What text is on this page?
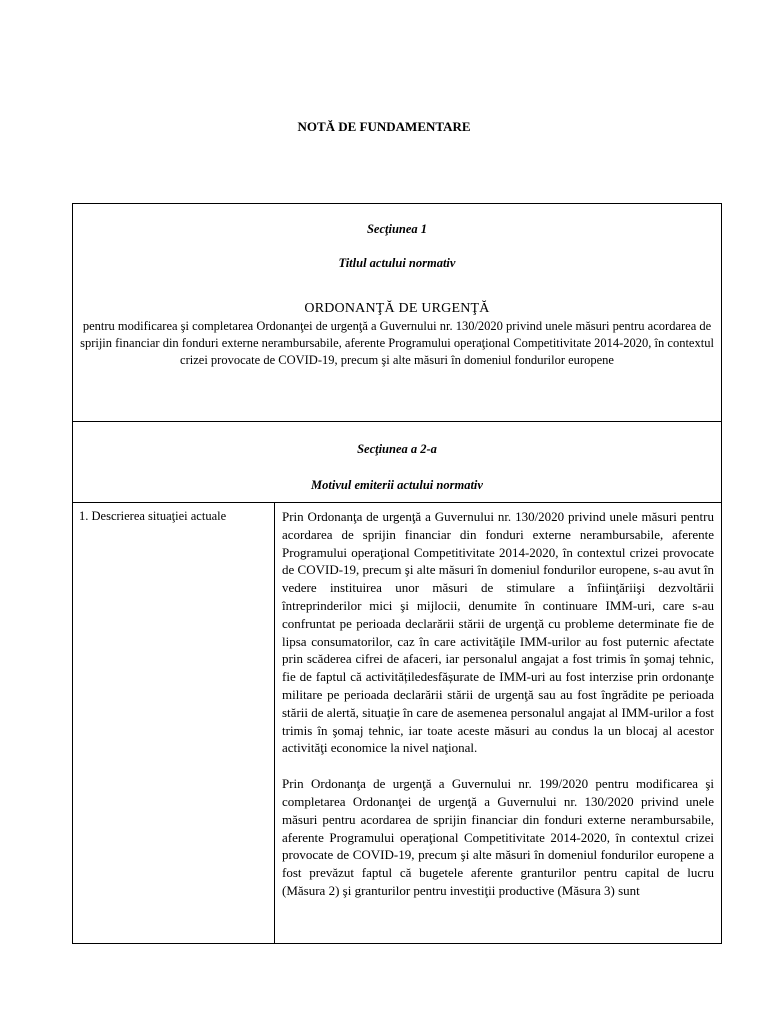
NOTĂ DE FUNDAMENTARE
Secţiunea 1
Titlul actului normativ
ORDONANŢĂ DE URGENŢĂ
pentru modificarea şi completarea Ordonanţei de urgenţă a Guvernului nr. 130/2020 privind unele măsuri pentru acordarea de sprijin financiar din fonduri externe nerambursabile, aferente Programului operaţional Competitivitate 2014-2020, în contextul crizei provocate de COVID-19, precum şi alte măsuri în domeniul fondurilor europene
Secţiunea a 2-a
Motivul emiterii actului normativ
1. Descrierea situaţiei actuale	Prin Ordonanţa de urgenţă a Guvernului nr. 130/2020 privind unele măsuri pentru acordarea de sprijin financiar din fonduri externe nerambursabile, aferente Programului operaţional Competitivitate 2014-2020, în contextul crizei provocate de COVID-19, precum şi alte măsuri în domeniul fondurilor europene, s-au avut în vedere instituirea unor măsuri de stimulare a înfiinţăriişi dezvoltării întreprinderilor mici şi mijlocii, denumite în continuare IMM-uri, care s-au confruntat pe perioada declarării stării de urgenţă cu probleme determinate fie de lipsa consumatorilor, caz în care activităţile IMM-urilor au fost puternic afectate prin scăderea cifrei de afaceri, iar personalul angajat a fost trimis în şomaj tehnic, fie de faptul că activitățiledesfășurate de IMM-uri au fost interzise prin ordonanţe militare pe perioada declarării stării de urgenţă sau au fost îngrădite pe perioada stării de alertă, situaţie în care de asemenea personalul angajat al IMM-urilor a fost trimis în şomaj tehnic, iar toate aceste măsuri au condus la un blocaj al acestor activităţi economice la nivel naţional.

Prin Ordonanţa de urgenţă a Guvernului nr. 199/2020 pentru modificarea şi completarea Ordonanţei de urgenţă a Guvernului nr. 130/2020 privind unele măsuri pentru acordarea de sprijin financiar din fonduri externe nerambursabile, aferente Programului operaţional Competitivitate 2014-2020, în contextul crizei provocate de COVID-19, precum şi alte măsuri în domeniul fondurilor europene a fost prevăzut faptul că bugetele aferente granturilor pentru capital de lucru (Măsura 2) şi granturilor pentru investiţii productive (Măsura 3) sunt
